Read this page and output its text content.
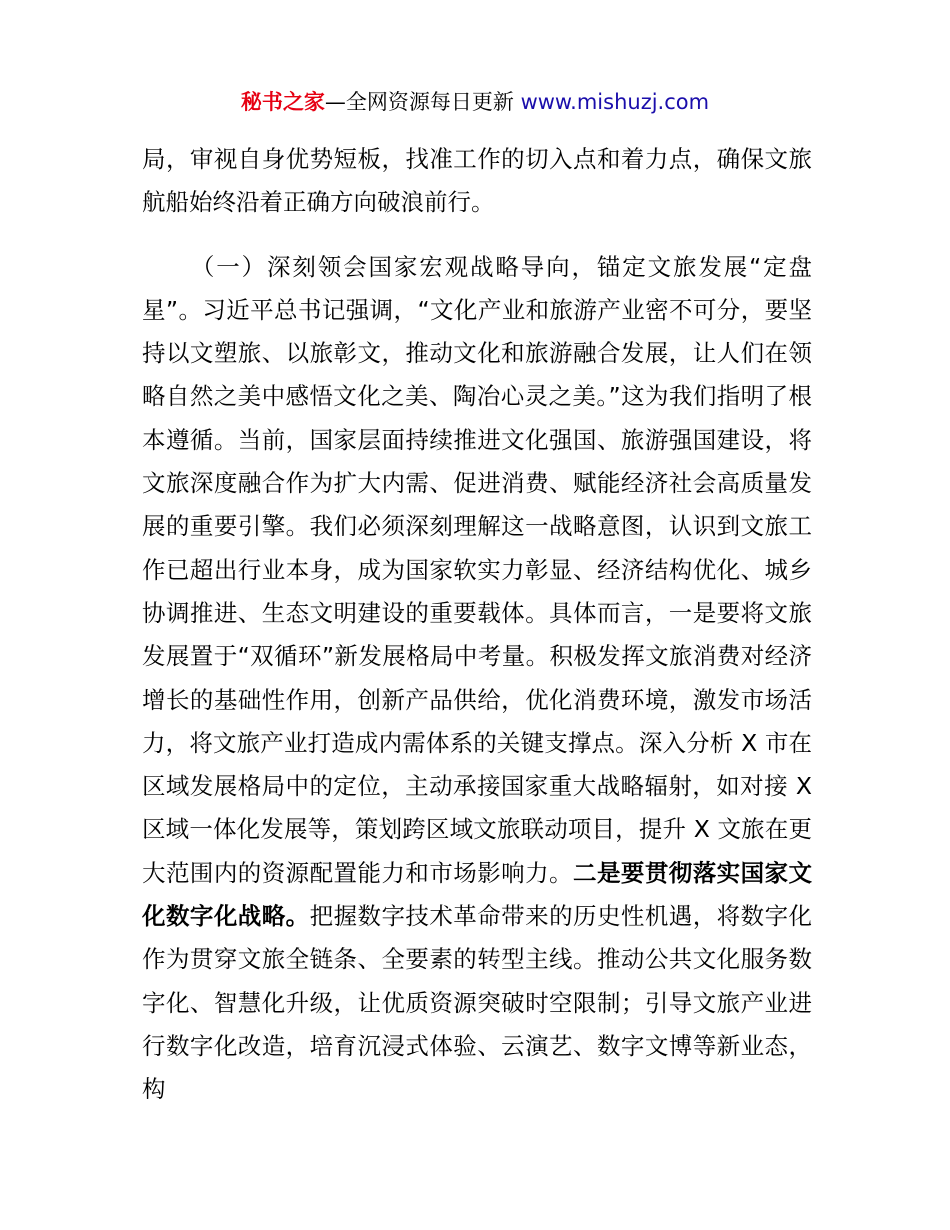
秘书之家—全网资源每日更新 www.mishuzj.com

局，审视自身优势短板，找准工作的切入点和着力点，确保文旅航船始终沿着正确方向破浪前行。

（一）深刻领会国家宏观战略导向，锚定文旅发展“定盘星”。习近平总书记强调，“文化产业和旅游产业密不可分，要坚持以文塑旅、以旅彰文，推动文化和旅游融合发展，让人们在领略自然之美中感悟文化之美、陶冶心灵之美。”这为我们指明了根本遵循。当前，国家层面持续推进文化强国、旅游强国建设，将文旅深度融合作为扩大内需、促进消费、赋能经济社会高质量发展的重要引擎。我们必须深刻理解这一战略意图，认识到文旅工作已超出行业本身，成为国家软实力彰显、经济结构优化、城乡协调推进、生态文明建设的重要载体。具体而言，一是要将文旅发展置于“双循环”新发展格局中考量。积极发挥文旅消费对经济增长的基础性作用，创新产品供给，优化消费环境，激发市场活力，将文旅产业打造成内需体系的关键支撑点。深入分析 X 市在区域发展格局中的定位，主动承接国家重大战略辐射，如对接 X 区域一体化发展等，策划跨区域文旅联动项目，提升 X 文旅在更大范围内的资源配置能力和市场影响力。二是要贯彻落实国家文化数字化战略。把握数字技术革命带来的历史性机遇，将数字化作为贯穿文旅全链条、全要素的转型主线。推动公共文化服务数字化、智慧化升级，让优质资源突破时空限制；引导文旅产业进行数字化改造，培育沉浸式体验、云演艺、数字文博等新业态，构
